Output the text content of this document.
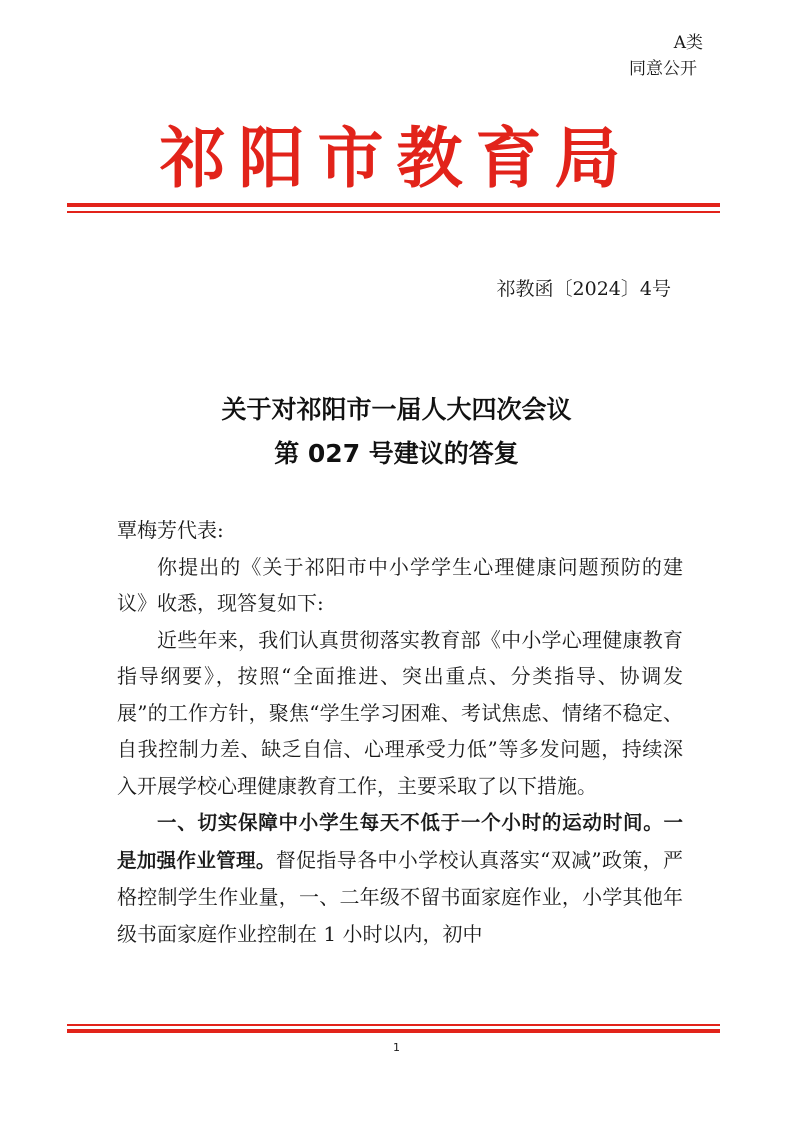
A类
同意公开
祁阳市教育局
祁教函〔2024〕4号
关于对祁阳市一届人大四次会议
第 027 号建议的答复

覃梅芳代表:

你提出的《关于祁阳市中小学学生心理健康问题预防的建议》收悉，现答复如下:

近些年来，我们认真贯彻落实教育部《中小学心理健康教育指导纲要》，按照“全面推进、突出重点、分类指导、协调发展”的工作方针，聚焦“学生学习困难、考试焦虑、情绪不稳定、自我控制力差、缺乏自信、心理承受力低”等多发问题，持续深入开展学校心理健康教育工作，主要采取了以下措施。

一、切实保障中小学生每天不低于一个小时的运动时间。一是加强作业管理。督促指导各中小学校认真落实“双减”政策，严格控制学生作业量，一、二年级不留书面家庭作业，小学其他年级书面家庭作业控制在 1 小时以内，初中

1
